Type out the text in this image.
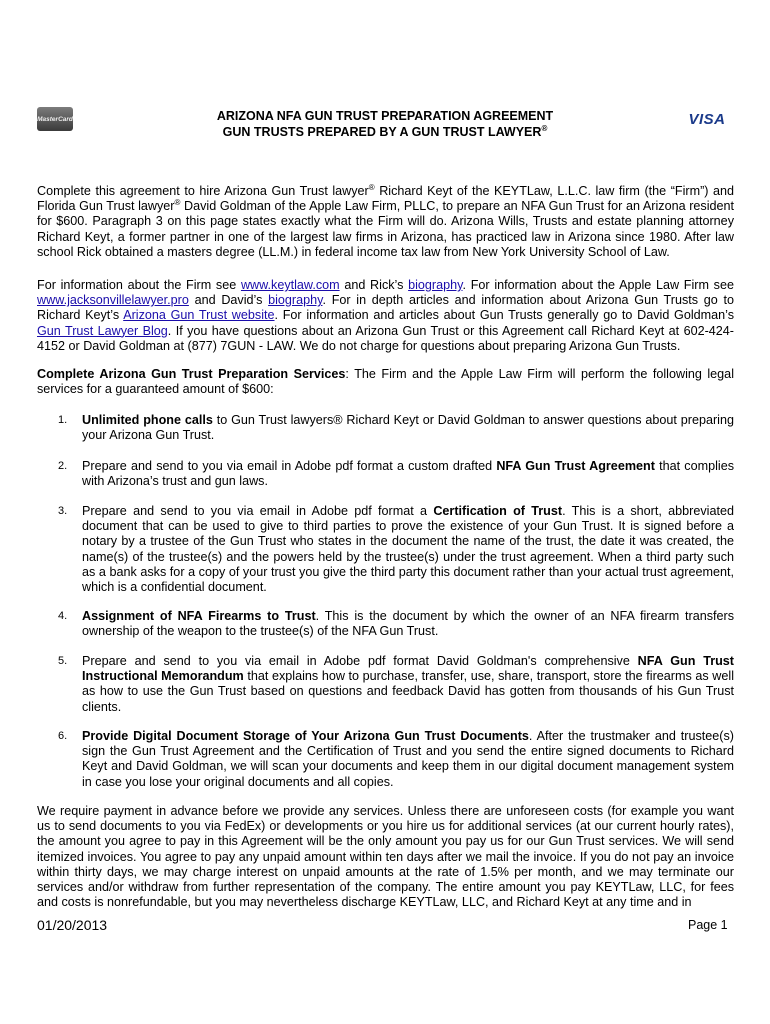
MasterCard	VISA
ARIZONA NFA GUN TRUST PREPARATION AGREEMENT
GUN TRUSTS PREPARED BY A GUN TRUST LAWYER®
Complete this agreement to hire Arizona Gun Trust lawyer® Richard Keyt of the KEYTLaw, L.L.C. law firm (the “Firm”) and Florida Gun Trust lawyer® David Goldman of the Apple Law Firm, PLLC, to prepare an NFA Gun Trust for an Arizona resident for $600. Paragraph 3 on this page states exactly what the Firm will do. Arizona Wills, Trusts and estate planning attorney Richard Keyt, a former partner in one of the largest law firms in Arizona, has practiced law in Arizona since 1980. After law school Rick obtained a masters degree (LL.M.) in federal income tax law from New York University School of Law.
For information about the Firm see www.keytlaw.com and Rick’s biography. For information about the Apple Law Firm see www.jacksonvillelawyer.pro and David’s biography. For in depth articles and information about Arizona Gun Trusts go to Richard Keyt’s Arizona Gun Trust website. For information and articles about Gun Trusts generally go to David Goldman’s Gun Trust Lawyer Blog. If you have questions about an Arizona Gun Trust or this Agreement call Richard Keyt at 602-424-4152 or David Goldman at (877) 7GUN - LAW. We do not charge for questions about preparing Arizona Gun Trusts.
Complete Arizona Gun Trust Preparation Services: The Firm and the Apple Law Firm will perform the following legal services for a guaranteed amount of $600:
1. Unlimited phone calls to Gun Trust lawyers® Richard Keyt or David Goldman to answer questions about preparing your Arizona Gun Trust.
2. Prepare and send to you via email in Adobe pdf format a custom drafted NFA Gun Trust Agreement that complies with Arizona’s trust and gun laws.
3. Prepare and send to you via email in Adobe pdf format a Certification of Trust. This is a short, abbreviated document that can be used to give to third parties to prove the existence of your Gun Trust. It is signed before a notary by a trustee of the Gun Trust who states in the document the name of the trust, the date it was created, the name(s) of the trustee(s) and the powers held by the trustee(s) under the trust agreement. When a third party such as a bank asks for a copy of your trust you give the third party this document rather than your actual trust agreement, which is a confidential document.
4. Assignment of NFA Firearms to Trust. This is the document by which the owner of an NFA firearm transfers ownership of the weapon to the trustee(s) of the NFA Gun Trust.
5. Prepare and send to you via email in Adobe pdf format David Goldman's comprehensive NFA Gun Trust Instructional Memorandum that explains how to purchase, transfer, use, share, transport, store the firearms as well as how to use the Gun Trust based on questions and feedback David has gotten from thousands of his Gun Trust clients.
6. Provide Digital Document Storage of Your Arizona Gun Trust Documents. After the trustmaker and trustee(s) sign the Gun Trust Agreement and the Certification of Trust and you send the entire signed documents to Richard Keyt and David Goldman, we will scan your documents and keep them in our digital document management system in case you lose your original documents and all copies.
We require payment in advance before we provide any services. Unless there are unforeseen costs (for example you want us to send documents to you via FedEx) or developments or you hire us for additional services (at our current hourly rates), the amount you agree to pay in this Agreement will be the only amount you pay us for our Gun Trust services. We will send itemized invoices. You agree to pay any unpaid amount within ten days after we mail the invoice. If you do not pay an invoice within thirty days, we may charge interest on unpaid amounts at the rate of 1.5% per month, and we may terminate our services and/or withdraw from further representation of the company. The entire amount you pay KEYTLaw, LLC, for fees and costs is nonrefundable, but you may nevertheless discharge KEYTLaw, LLC, and Richard Keyt at any time and in
01/20/2013	Page 1
